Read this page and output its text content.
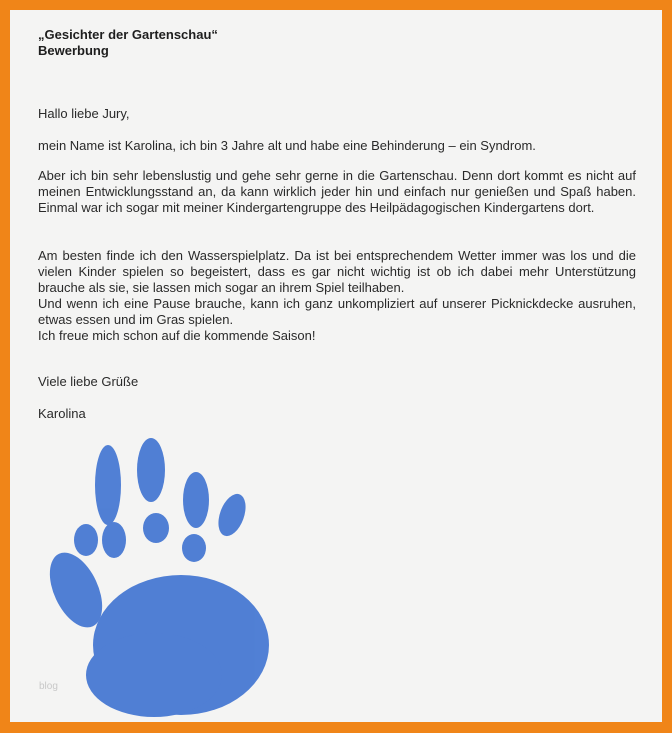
„Gesichter der Gartenschau“
Bewerbung
Hallo liebe Jury,
mein Name ist Karolina, ich bin 3 Jahre alt und habe eine Behinderung – ein Syndrom.
Aber ich bin sehr lebenslustig und gehe sehr gerne in die Gartenschau. Denn dort kommt es nicht auf meinen Entwicklungsstand an, da kann wirklich jeder hin und einfach nur genießen und Spaß haben. Einmal war ich sogar mit meiner Kindergartengruppe des Heilpädagogischen Kindergartens dort.
Am besten finde ich den Wasserspielplatz. Da ist bei entsprechendem Wetter immer was los und die vielen Kinder spielen so begeistert, dass es gar nicht wichtig ist ob ich dabei mehr Unterstützung brauche als sie, sie lassen mich sogar an ihrem Spiel teilhaben.
Und wenn ich eine Pause brauche, kann ich ganz unkompliziert auf unserer Picknickdecke ausruhen, etwas essen und im Gras spielen.
Ich freue mich schon auf die kommende Saison!
Viele liebe Grüße
Karolina
blog
